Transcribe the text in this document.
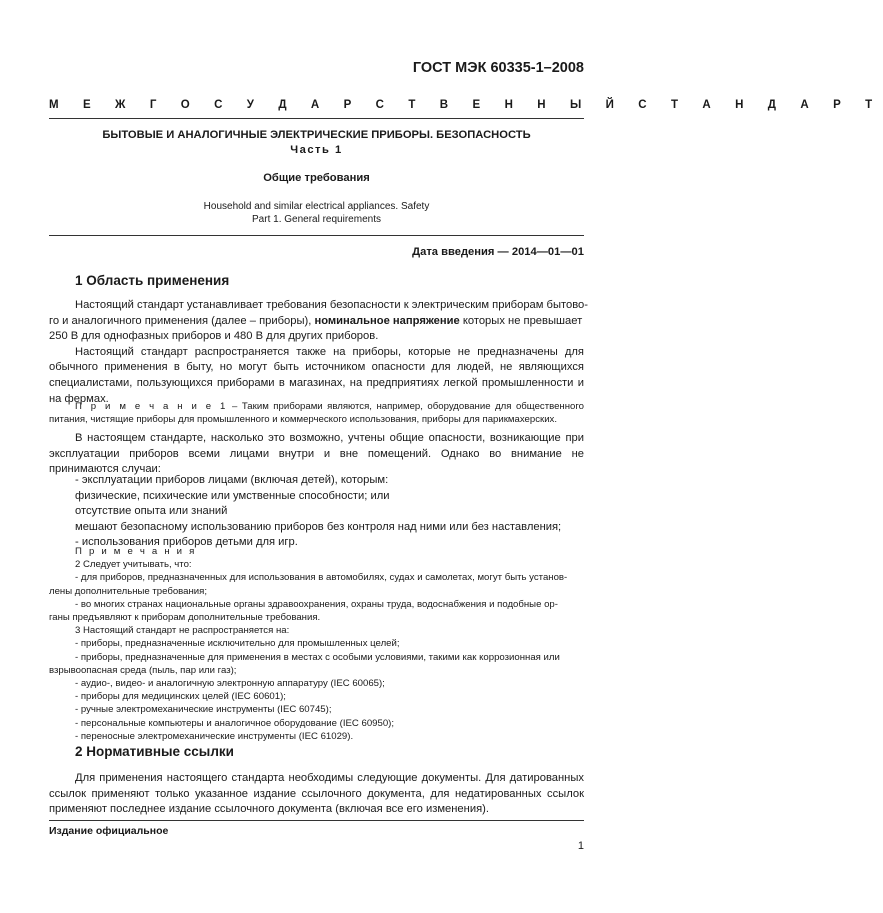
ГОСТ МЭК 60335-1–2008
М Е Ж Г О С У Д А Р С Т В Е Н Н Ы Й С Т А Н Д А Р Т
БЫТОВЫЕ И АНАЛОГИЧНЫЕ ЭЛЕКТРИЧЕСКИЕ ПРИБОРЫ. БЕЗОПАСНОСТЬ
Часть 1
Общие требования
Household and similar electrical appliances. Safety
Part 1. General requirements
Дата введения — 2014—01—01
1 Область применения
Настоящий стандарт устанавливает требования безопасности к электрическим приборам бытово-
го и аналогичного применения (далее – приборы), номинальное напряжение которых не превышает
250 В для однофазных приборов и 480 В для других приборов.

Настоящий стандарт распространяется также на приборы, которые не предназначены для обычного применения в быту, но могут быть источником опасности для людей, не являющихся специалистами, пользующихся приборами в магазинах, на предприятиях легкой промышленности и на фермах.

П р и м е ч а н и е 1 – Таким приборами являются, например, оборудование для общественного питания, чистящие приборы для промышленного и коммерческого использования, приборы для парикмахерских.

В настоящем стандарте, насколько это возможно, учтены общие опасности, возникающие при эксплуатации приборов всеми лицами внутри и вне помещений. Однако во внимание не принимаются случаи:

- эксплуатации приборов лицами (включая детей), которым:
физические, психические или умственные способности; или
отсутствие опыта или знаний
мешают безопасному использованию приборов без контроля над ними или без наставления;
- использования приборов детьми для игр.
П р и м е ч а н и я
2 Следует учитывать, что:
- для приборов, предназначенных для использования в автомобилях, судах и самолетах, могут быть установ-
лены дополнительные требования;
- во многих странах национальные органы здравоохранения, охраны труда, водоснабжения и подобные ор-
ганы предъявляют к приборам дополнительные требования.
3 Настоящий стандарт не распространяется на:
- приборы, предназначенные исключительно для промышленных целей;
- приборы, предназначенные для применения в местах с особыми условиями, такими как коррозионная или
взрывоопасная среда (пыль, пар или газ);
- аудио-, видео- и аналогичную электронную аппаратуру (IEC 60065);
- приборы для медицинских целей (IEC 60601);
- ручные электромеханические инструменты (IEC 60745);
- персональные компьютеры и аналогичное оборудование (IEC 60950);
- переносные электромеханические инструменты (IEC 61029).
2 Нормативные ссылки

Для применения настоящего стандарта необходимы следующие документы. Для датированных ссылок применяют только указанное издание ссылочного документа, для недатированных ссылок применяют последнее издание ссылочного документа (включая все его изменения).

Издание официальное
1
